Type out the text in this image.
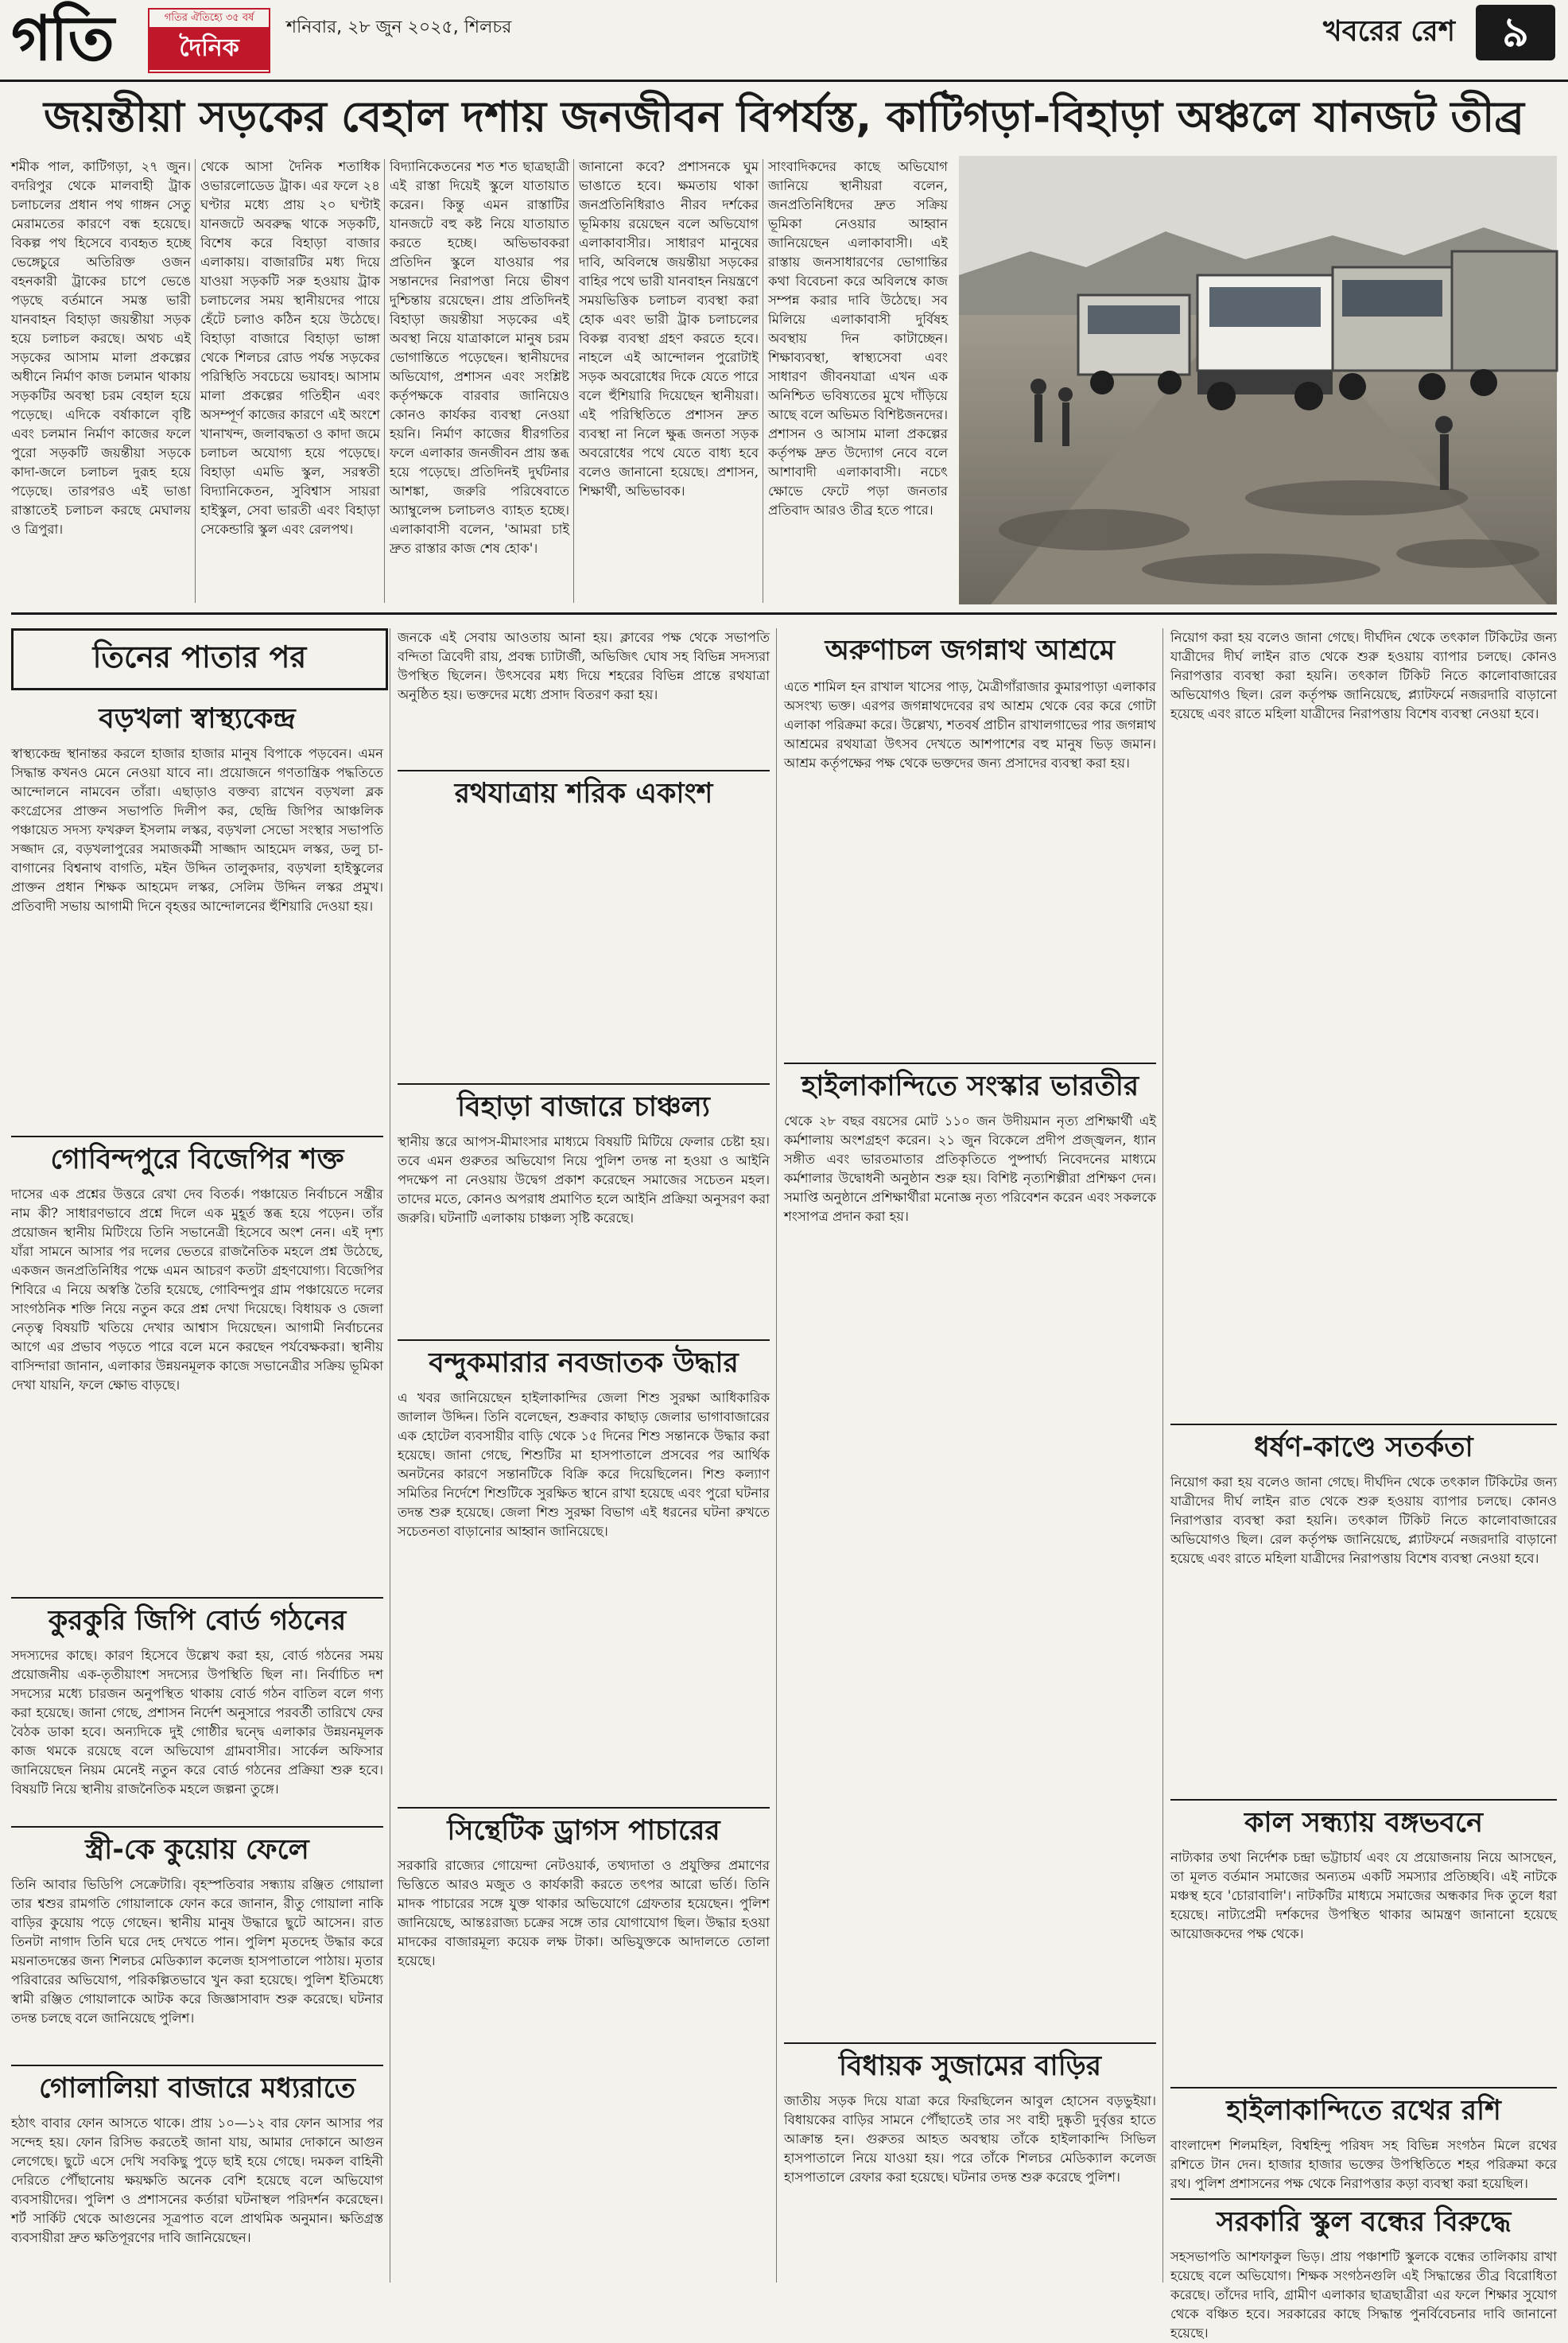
গতি	গতির ঐতিহ্যে ৩৫ বর্ষ
দৈনিক
শনিবার, ২৮ জুন ২০২৫, শিলচর	খবরের রেশ	৯
জয়ন্তীয়া সড়কের বেহাল দশায় জনজীবন বিপর্যস্ত, কাটিগড়া-বিহাড়া অঞ্চলে যানজট তীব্র
শমীক পাল, কাটিগড়া, ২৭ জুন। বদরিপুর থেকে মালবাহী ট্রাক চলাচলের প্রধান পথ গাঙ্গন সেতু মেরামতের কারণে বন্ধ হয়েছে। বিকল্প পথ হিসেবে ব্যবহৃত হচ্ছে ভেঙ্গেচুরে অতিরিক্ত ওজন বহনকারী ট্রাকের চাপে ভেঙে পড়ছে বর্তমানে সমস্ত ভারী যানবাহন বিহাড়া জয়ন্তীয়া সড়ক হয়ে চলাচল করছে। অথচ এই সড়কের আসাম মালা প্রকল্পের অধীনে নির্মাণ কাজ চলমান থাকায় সড়কটির অবস্থা চরম বেহাল হয়ে পড়েছে। এদিকে বর্ষাকালে বৃষ্টি এবং চলমান নির্মাণ কাজের ফলে পুরো সড়কটি জয়ন্তীয়া সড়কে কাদা-জলে চলাচল দুরূহ হয়ে পড়েছে। তারপরও এই ভাঙা রাস্তাতেই চলাচল করছে মেঘালয় ও ত্রিপুরা।
থেকে আসা দৈনিক শতাধিক ওভারলোডেড ট্রাক। এর ফলে ২৪ ঘণ্টার মধ্যে প্রায় ২০ ঘণ্টাই যানজটে অবরুদ্ধ থাকে সড়কটি, বিশেষ করে বিহাড়া বাজার এলাকায়। বাজারটির মধ্য দিয়ে যাওয়া সড়কটি সরু হওয়ায় ট্রাক চলাচলের সময় স্থানীয়দের পায়ে হেঁটে চলাও কঠিন হয়ে উঠেছে। বিহাড়া বাজারে বিহাড়া ভাঙ্গা থেকে শিলচর রোড পর্যন্ত সড়কের পরিস্থিতি সবচেয়ে ভয়াবহ। আসাম মালা প্রকল্পের গতিহীন এবং অসম্পূর্ণ কাজের কারণে এই অংশে খানাখন্দ, জলাবদ্ধতা ও কাদা জমে চলাচল অযোগ্য হয়ে পড়েছে। বিহাড়া এমভি স্কুল, সরস্বতী বিদ্যানিকেতন, সুবিশ্বাস সায়রা হাইস্কুল, সেবা ভারতী এবং বিহাড়া সেকেন্ডারি স্কুল এবং রেলপথ।
বিদ্যানিকেতনের শত শত ছাত্রছাত্রী এই রাস্তা দিয়েই স্কুলে যাতায়াত করেন। কিন্তু এমন রাস্তাটির যানজটে বহু কষ্ট নিয়ে যাতায়াত করতে হচ্ছে। অভিভাবকরা প্রতিদিন স্কুলে যাওয়ার পর সন্তানদের নিরাপত্তা নিয়ে ভীষণ দুশ্চিন্তায় রয়েছেন। প্রায় প্রতিদিনই বিহাড়া জয়ন্তীয়া সড়কের এই অবস্থা নিয়ে যাত্রাকালে মানুষ চরম ভোগান্তিতে পড়েছেন। স্থানীয়দের অভিযোগ, প্রশাসন এবং সংশ্লিষ্ট কর্তৃপক্ষকে বারবার জানিয়েও কোনও কার্যকর ব্যবস্থা নেওয়া হয়নি। নির্মাণ কাজের ধীরগতির ফলে এলাকার জনজীবন প্রায় স্তব্ধ হয়ে পড়েছে। প্রতিদিনই দুর্ঘটনার আশঙ্কা, জরুরি পরিষেবাতে অ্যাম্বুলেন্স চলাচলও ব্যাহত হচ্ছে। এলাকাবাসী বলেন, 'আমরা চাই দ্রুত রাস্তার কাজ শেষ হোক'।
জানানো কবে? প্রশাসনকে ঘুম ভাঙাতে হবে। ক্ষমতায় থাকা জনপ্রতিনিধিরাও নীরব দর্শকের ভূমিকায় রয়েছেন বলে অভিযোগ এলাকাবাসীর। সাধারণ মানুষের দাবি, অবিলম্বে জয়ন্তীয়া সড়কের বাহির পথে ভারী যানবাহন নিয়ন্ত্রণে সময়ভিত্তিক চলাচল ব্যবস্থা করা হোক এবং ভারী ট্রাক চলাচলের বিকল্প ব্যবস্থা গ্রহণ করতে হবে। নাহলে এই আন্দোলন পুরোটাই সড়ক অবরোধের দিকে যেতে পারে বলে হুঁশিয়ারি দিয়েছেন স্থানীয়রা। এই পরিস্থিতিতে প্রশাসন দ্রুত ব্যবস্থা না নিলে ক্ষুব্ধ জনতা সড়ক অবরোধের পথে যেতে বাধ্য হবে বলেও জানানো হয়েছে। প্রশাসন, শিক্ষার্থী, অভিভাবক।
সাংবাদিকদের কাছে অভিযোগ জানিয়ে স্থানীয়রা বলেন, জনপ্রতিনিধিদের দ্রুত সক্রিয় ভূমিকা নেওয়ার আহ্বান জানিয়েছেন এলাকাবাসী। এই রাস্তায় জনসাধারণের ভোগান্তির কথা বিবেচনা করে অবিলম্বে কাজ সম্পন্ন করার দাবি উঠেছে। সব মিলিয়ে এলাকাবাসী দুর্বিষহ অবস্থায় দিন কাটাচ্ছেন। শিক্ষাব্যবস্থা, স্বাস্থ্যসেবা এবং সাধারণ জীবনযাত্রা এখন এক অনিশ্চিত ভবিষ্যতের মুখে দাঁড়িয়ে আছে বলে অভিমত বিশিষ্টজনদের। প্রশাসন ও আসাম মালা প্রকল্পের কর্তৃপক্ষ দ্রুত উদ্যোগ নেবে বলে আশাবাদী এলাকাবাসী। নচেৎ ক্ষোভে ফেটে পড়া জনতার প্রতিবাদ আরও তীব্র হতে পারে।
তিনের পাতার পর
বড়খলা স্বাস্থ্যকেন্দ্র
স্বাস্থ্যকেন্দ্র স্থানান্তর করলে হাজার হাজার মানুষ বিপাকে পড়বেন। এমন সিদ্ধান্ত কখনও মেনে নেওয়া যাবে না। প্রয়োজনে গণতান্ত্রিক পদ্ধতিতে আন্দোলনে নামবেন তাঁরা। এছাড়াও বক্তব্য রাখেন বড়খলা ব্লক কংগ্রেসের প্রাক্তন সভাপতি দিলীপ কর, ছেন্দ্রি জিপির আঞ্চলিক পঞ্চায়েত সদস্য ফখরুল ইসলাম লস্কর, বড়খলা সেভো সংস্থার সভাপতি সজ্জাদ রে, বড়খলাপুরের সমাজকর্মী সাজ্জাদ আহমেদ লস্কর, ডলু চা-বাগানের বিশ্বনাথ বাগতি, মইন উদ্দিন তালুকদার, বড়খলা হাইস্কুলের প্রাক্তন প্রধান শিক্ষক আহমেদ লস্কর, সেলিম উদ্দিন লস্কর প্রমুখ। প্রতিবাদী সভায় আগামী দিনে বৃহত্তর আন্দোলনের হুঁশিয়ারি দেওয়া হয়।
গোবিন্দপুরে বিজেপির শক্ত
দাসের এক প্রশ্নের উত্তরে রেখা দেব বিতর্ক। পঞ্চায়েত নির্বাচনে সন্ত্রীর নাম কী? সাধারণভাবে প্রশ্নে দিলে এক মুহূর্ত স্তব্ধ হয়ে পড়েন। তাঁর প্রয়োজন স্থানীয় মিটিংয়ে তিনি সভানেত্রী হিসেবে অংশ নেন। এই দৃশ্য যাঁরা সামনে আসার পর দলের ভেতরে রাজনৈতিক মহলে প্রশ্ন উঠেছে, একজন জনপ্রতিনিধির পক্ষে এমন আচরণ কতটা গ্রহণযোগ্য। বিজেপির শিবিরে এ নিয়ে অস্বস্তি তৈরি হয়েছে, গোবিন্দপুর গ্রাম পঞ্চায়েতে দলের সাংগঠনিক শক্তি নিয়ে নতুন করে প্রশ্ন দেখা দিয়েছে। বিধায়ক ও জেলা নেতৃত্ব বিষয়টি খতিয়ে দেখার আশ্বাস দিয়েছেন। আগামী নির্বাচনের আগে এর প্রভাব পড়তে পারে বলে মনে করছেন পর্যবেক্ষকরা। স্থানীয় বাসিন্দারা জানান, এলাকার উন্নয়নমূলক কাজে সভানেত্রীর সক্রিয় ভূমিকা দেখা যায়নি, ফলে ক্ষোভ বাড়ছে।
কুরকুরি জিপি বোর্ড গঠনের
সদস্যদের কাছে। কারণ হিসেবে উল্লেখ করা হয়, বোর্ড গঠনের সময় প্রয়োজনীয় এক-তৃতীয়াংশ সদস্যের উপস্থিতি ছিল না। নির্বাচিত দশ সদস্যের মধ্যে চারজন অনুপস্থিত থাকায় বোর্ড গঠন বাতিল বলে গণ্য করা হয়েছে। জানা গেছে, প্রশাসন নির্দেশ অনুসারে পরবর্তী তারিখে ফের বৈঠক ডাকা হবে। অন্যদিকে দুই গোষ্ঠীর দ্বন্দ্বে এলাকার উন্নয়নমূলক কাজ থমকে রয়েছে বলে অভিযোগ গ্রামবাসীর। সার্কেল অফিসার জানিয়েছেন নিয়ম মেনেই নতুন করে বোর্ড গঠনের প্রক্রিয়া শুরু হবে। বিষয়টি নিয়ে স্থানীয় রাজনৈতিক মহলে জল্পনা তুঙ্গে।
স্ত্রী-কে কুয়োয় ফেলে
তিনি আবার ভিডিপি সেক্রেটারি। বৃহস্পতিবার সন্ধ্যায় রঞ্জিত গোয়ালা তার শ্বশুর রামগতি গোয়ালাকে ফোন করে জানান, রীতু গোয়ালা নাকি বাড়ির কুয়োয় পড়ে গেছেন। স্থানীয় মানুষ উদ্ধারে ছুটে আসেন। রাত তিনটা নাগাদ তিনি ঘরে দেহ দেখতে পান। পুলিশ মৃতদেহ উদ্ধার করে ময়নাতদন্তের জন্য শিলচর মেডিক্যাল কলেজ হাসপাতালে পাঠায়। মৃতার পরিবারের অভিযোগ, পরিকল্পিতভাবে খুন করা হয়েছে। পুলিশ ইতিমধ্যে স্বামী রঞ্জিত গোয়ালাকে আটক করে জিজ্ঞাসাবাদ শুরু করেছে। ঘটনার তদন্ত চলছে বলে জানিয়েছে পুলিশ।
গোলালিয়া বাজারে মধ্যরাতে
হঠাৎ বাবার ফোন আসতে থাকে। প্রায় ১০—১২ বার ফোন আসার পর সন্দেহ হয়। ফোন রিসিভ করতেই জানা যায়, আমার দোকানে আগুন লেগেছে। ছুটে এসে দেখি সবকিছু পুড়ে ছাই হয়ে গেছে। দমকল বাহিনী দেরিতে পৌঁছানোয় ক্ষয়ক্ষতি অনেক বেশি হয়েছে বলে অভিযোগ ব্যবসায়ীদের। পুলিশ ও প্রশাসনের কর্তারা ঘটনাস্থল পরিদর্শন করেছেন। শর্ট সার্কিট থেকে আগুনের সূত্রপাত বলে প্রাথমিক অনুমান। ক্ষতিগ্রস্ত ব্যবসায়ীরা দ্রুত ক্ষতিপূরণের দাবি জানিয়েছেন।
জনকে এই সেবায় আওতায় আনা হয়। ক্লাবের পক্ষ থেকে সভাপতি বন্দিতা ত্রিবেদী রায়, প্রবন্ধ চ্যাটার্জী, অভিজিৎ ঘোষ সহ বিভিন্ন সদস্যরা উপস্থিত ছিলেন। উৎসবের মধ্য দিয়ে শহরের বিভিন্ন প্রান্তে রথযাত্রা অনুষ্ঠিত হয়। ভক্তদের মধ্যে প্রসাদ বিতরণ করা হয়।
রথযাত্রায় শরিক একাংশ
বিহাড়া বাজারে চাঞ্চল্য
স্থানীয় স্তরে আপস-মীমাংসার মাধ্যমে বিষয়টি মিটিয়ে ফেলার চেষ্টা হয়। তবে এমন গুরুতর অভিযোগ নিয়ে পুলিশ তদন্ত না হওয়া ও আইনি পদক্ষেপ না নেওয়ায় উদ্বেগ প্রকাশ করেছেন সমাজের সচেতন মহল। তাদের মতে, কোনও অপরাধ প্রমাণিত হলে আইনি প্রক্রিয়া অনুসরণ করা জরুরি। ঘটনাটি এলাকায় চাঞ্চল্য সৃষ্টি করেছে।
বন্দুকমারার নবজাতক উদ্ধার
এ খবর জানিয়েছেন হাইলাকান্দির জেলা শিশু সুরক্ষা আধিকারিক জালাল উদ্দিন। তিনি বলেছেন, শুক্রবার কাছাড় জেলার ভাগাবাজারের এক হোটেল ব্যবসায়ীর বাড়ি থেকে ১৫ দিনের শিশু সন্তানকে উদ্ধার করা হয়েছে। জানা গেছে, শিশুটির মা হাসপাতালে প্রসবের পর আর্থিক অনটনের কারণে সন্তানটিকে বিক্রি করে দিয়েছিলেন। শিশু কল্যাণ সমিতির নির্দেশে শিশুটিকে সুরক্ষিত স্থানে রাখা হয়েছে এবং পুরো ঘটনার তদন্ত শুরু হয়েছে। জেলা শিশু সুরক্ষা বিভাগ এই ধরনের ঘটনা রুখতে সচেতনতা বাড়ানোর আহ্বান জানিয়েছে।
সিন্থেটিক ড্রাগস পাচারের
সরকারি রাজ্যের গোয়েন্দা নেটওয়ার্ক, তথ্যদাতা ও প্রযুক্তির প্রমাণের ভিত্তিতে আরও মজুত ও কার্যকারী করতে তৎপর আরো ভর্তি। তিনি মাদক পাচারের সঙ্গে যুক্ত থাকার অভিযোগে গ্রেফতার হয়েছেন। পুলিশ জানিয়েছে, আন্তঃরাজ্য চক্রের সঙ্গে তার যোগাযোগ ছিল। উদ্ধার হওয়া মাদকের বাজারমূল্য কয়েক লক্ষ টাকা। অভিযুক্তকে আদালতে তোলা হয়েছে।
অরুণাচল জগন্নাথ আশ্রমে
এতে শামিল হন রাখাল খাসের পাড়, মৈত্রীগাঁরাজার কুমারপাড়া এলাকার অসংখ্য ভক্ত। এরপর জগন্নাথদেবের রথ আশ্রম থেকে বের করে গোটা এলাকা পরিক্রমা করে। উল্লেখ্য, শতবর্ষ প্রাচীন রাখালগাভের পার জগন্নাথ আশ্রমের রথযাত্রা উৎসব দেখতে আশপাশের বহু মানুষ ভিড় জমান। আশ্রম কর্তৃপক্ষের পক্ষ থেকে ভক্তদের জন্য প্রসাদের ব্যবস্থা করা হয়।
হাইলাকান্দিতে সংস্কার ভারতীর
থেকে ২৮ বছর বয়সের মোট ১১০ জন উদীয়মান নৃত্য প্রশিক্ষার্থী এই কর্মশালায় অংশগ্রহণ করেন। ২১ জুন বিকেলে প্রদীপ প্রজ্জ্বলন, ধ্যান সঙ্গীত এবং ভারতমাতার প্রতিকৃতিতে পুষ্পার্ঘ্য নিবেদনের মাধ্যমে কর্মশালার উদ্বোধনী অনুষ্ঠান শুরু হয়। বিশিষ্ট নৃত্যশিল্পীরা প্রশিক্ষণ দেন। সমাপ্তি অনুষ্ঠানে প্রশিক্ষার্থীরা মনোজ্ঞ নৃত্য পরিবেশন করেন এবং সকলকে শংসাপত্র প্রদান করা হয়।
বিধায়ক সুজামের বাড়ির
জাতীয় সড়ক দিয়ে যাত্রা করে ফিরছিলেন আবুল হোসেন বড়ভুইয়া। বিধায়কের বাড়ির সামনে পৌঁছাতেই তার সং বাহী দুষ্কৃতী দুর্বৃত্তর হাতে আক্রান্ত হন। গুরুতর আহত অবস্থায় তাঁকে হাইলাকান্দি সিভিল হাসপাতালে নিয়ে যাওয়া হয়। পরে তাঁকে শিলচর মেডিক্যাল কলেজ হাসপাতালে রেফার করা হয়েছে। ঘটনার তদন্ত শুরু করেছে পুলিশ।
নিয়োগ করা হয় বলেও জানা গেছে। দীর্ঘদিন থেকে তৎকাল টিকিটের জন্য যাত্রীদের দীর্ঘ লাইন রাত থেকে শুরু হওয়ায় ব্যাপার চলছে। কোনও নিরাপত্তার ব্যবস্থা করা হয়নি। তৎকাল টিকিট নিতে কালোবাজারের অভিযোগও ছিল। রেল কর্তৃপক্ষ জানিয়েছে, প্ল্যাটফর্মে নজরদারি বাড়ানো হয়েছে এবং রাতে মহিলা যাত্রীদের নিরাপত্তায় বিশেষ ব্যবস্থা নেওয়া হবে।
ধর্ষণ-কাণ্ডে সতর্কতা
নিয়োগ করা হয় বলেও জানা গেছে। দীর্ঘদিন থেকে তৎকাল টিকিটের জন্য যাত্রীদের দীর্ঘ লাইন রাত থেকে শুরু হওয়ায় ব্যাপার চলছে। কোনও নিরাপত্তার ব্যবস্থা করা হয়নি। তৎকাল টিকিট নিতে কালোবাজারের অভিযোগও ছিল। রেল কর্তৃপক্ষ জানিয়েছে, প্ল্যাটফর্মে নজরদারি বাড়ানো হয়েছে এবং রাতে মহিলা যাত্রীদের নিরাপত্তায় বিশেষ ব্যবস্থা নেওয়া হবে।
কাল সন্ধ্যায় বঙ্গভবনে
নাট্যকার তথা নির্দেশক চন্দ্রা ভট্টাচার্য এবং যে প্রয়োজনায় নিয়ে আসছেন, তা মূলত বর্তমান সমাজের অন্যতম একটি সমস্যার প্রতিচ্ছবি। এই নাটকে মঞ্চস্থ হবে 'চোরাবালি'। নাটকটির মাধ্যমে সমাজের অন্ধকার দিক তুলে ধরা হয়েছে। নাট্যপ্রেমী দর্শকদের উপস্থিত থাকার আমন্ত্রণ জানানো হয়েছে আয়োজকদের পক্ষ থেকে।
হাইলাকান্দিতে রথের রশি
বাংলাদেশ শিলমহিল, বিশ্বহিন্দু পরিষদ সহ বিভিন্ন সংগঠন মিলে রথের রশিতে টান দেন। হাজার হাজার ভক্তের উপস্থিতিতে শহর পরিক্রমা করে রথ। পুলিশ প্রশাসনের পক্ষ থেকে নিরাপত্তার কড়া ব্যবস্থা করা হয়েছিল।
সরকারি স্কুল বন্ধের বিরুদ্ধে
সহসভাপতি আশফাকুল ভিড়। প্রায় পঞ্চাশটি স্কুলকে বন্ধের তালিকায় রাখা হয়েছে বলে অভিযোগ। শিক্ষক সংগঠনগুলি এই সিদ্ধান্তের তীব্র বিরোধিতা করেছে। তাঁদের দাবি, গ্রামীণ এলাকার ছাত্রছাত্রীরা এর ফলে শিক্ষার সুযোগ থেকে বঞ্চিত হবে। সরকারের কাছে সিদ্ধান্ত পুনর্বিবেচনার দাবি জানানো হয়েছে।
